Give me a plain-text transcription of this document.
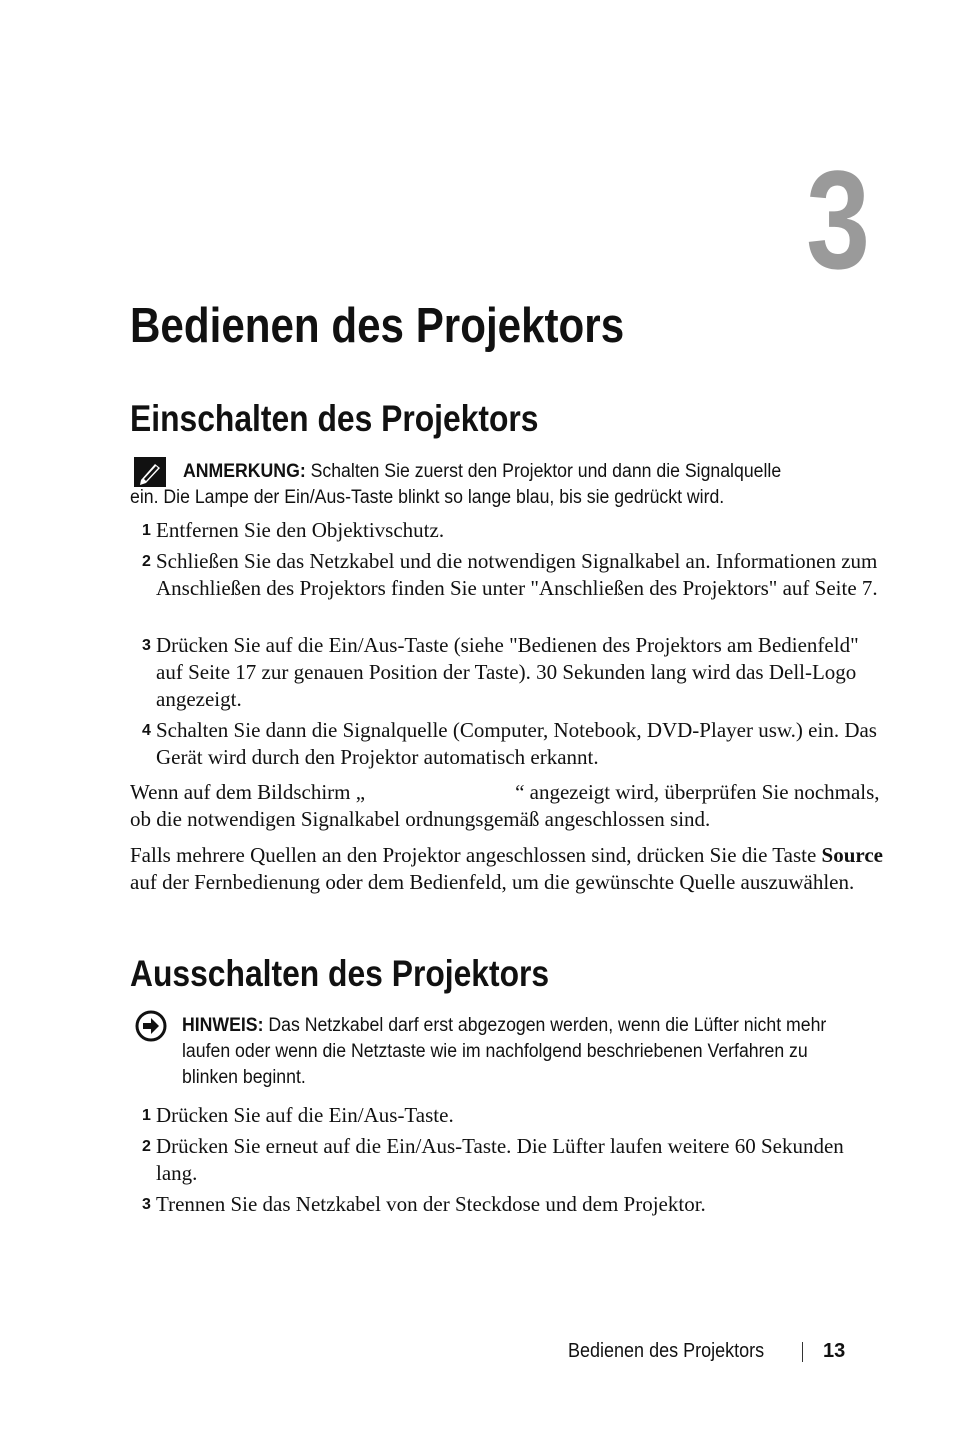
3
Bedienen des Projektors
Einschalten des Projektors
ANMERKUNG: Schalten Sie zuerst den Projektor und dann die Signalquelle
ein. Die Lampe der Ein/Aus-Taste blinkt so lange blau, bis sie gedrückt wird.
1 Entfernen Sie den Objektivschutz.
2 Schließen Sie das Netzkabel und die notwendigen Signalkabel an. Informationen zum Anschließen des Projektors finden Sie unter "Anschließen des Projektors" auf Seite 7.
3 Drücken Sie auf die Ein/Aus-Taste (siehe "Bedienen des Projektors am Bedienfeld" auf Seite 17 zur genauen Position der Taste). 30 Sekunden lang wird das Dell-Logo angezeigt.
4 Schalten Sie dann die Signalquelle (Computer, Notebook, DVD-Player usw.) ein. Das Gerät wird durch den Projektor automatisch erkannt.

Wenn auf dem Bildschirm „	“ angezeigt wird, überprüfen Sie nochmals, ob die notwendigen Signalkabel ordnungsgemäß angeschlossen sind.

Falls mehrere Quellen an den Projektor angeschlossen sind, drücken Sie die Taste Source auf der Fernbedienung oder dem Bedienfeld, um die gewünschte Quelle auszuwählen.

Ausschalten des Projektors
HINWEIS: Das Netzkabel darf erst abgezogen werden, wenn die Lüfter nicht mehr laufen oder wenn die Netztaste wie im nachfolgend beschriebenen Verfahren zu blinken beginnt.
1 Drücken Sie auf die Ein/Aus-Taste.
2 Drücken Sie erneut auf die Ein/Aus-Taste. Die Lüfter laufen weitere 60 Sekunden lang.
3 Trennen Sie das Netzkabel von der Steckdose und dem Projektor.
Bedienen des Projektors	13
